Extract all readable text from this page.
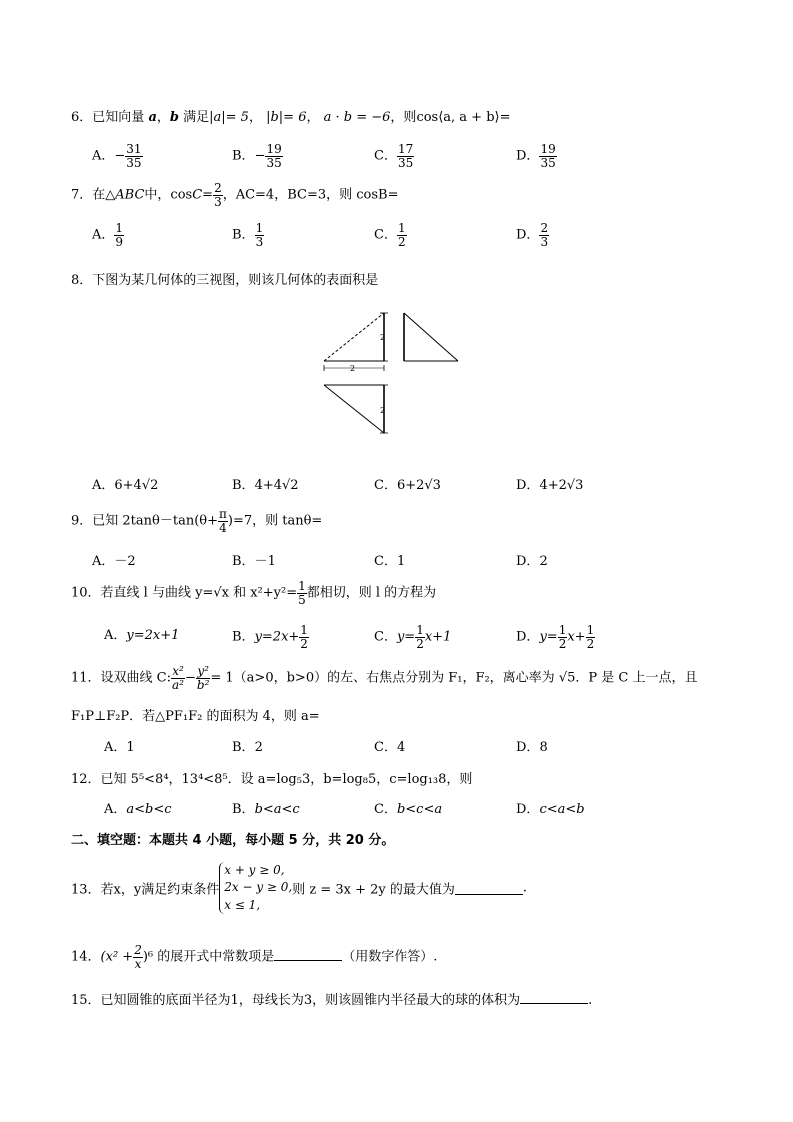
6．已知向量 a，b 满足|a|= 5， |b|= 6， a · b = −6，则cos⟨a, a + b⟩=
A．− $\frac{31}{35}$	B．− $\frac{19}{35}$	C． $\frac{17}{35}$	D． $\frac{19}{35}$
7．在△ABC中，$\cos C= \frac{2}{3}$ ，AC=4，BC=3，则 cosB=
A． $\frac{1}{9}$	B． $\frac{1}{3}$	C． $\frac{1}{2}$	D． $\frac{2}{3}$
8．下图为某几何体的三视图，则该几何体的表面积是
2
2
2
A．6+4√2	B．4+4√2	C．6+2√3	D．4+2√3
9．已知 $2\tan\theta-\tan(\theta+ \frac{\pi}{4} )=7$，则 tanθ=
A．－2	B．－1	C．1	D．2
10．若直线 l 与曲线 y=√x 和 $x^2+y^2= \frac{1}{5}$ 都相切，则 l 的方程为
A．y=2x+1	B．$y=2x+ \frac{1}{2}$	C．$y= \frac{1}{2} x+1$	D．$y= \frac{1}{2} x+ \frac{1}{2}$
11．设双曲线 C: $\frac{\text{x²}}{\text{a²}} - \frac{\text{y²}}{\text{b²}} = 1(a>0$，b>0）的左、右焦点分别为 F₁，F₂，离心率为 √5．P 是 C 上一点，且
F₁P⊥F₂P．若△PF₁F₂ 的面积为 4，则 a=
A．1	B．2	C．4	D．8
12．已知 5⁵<8⁴，13⁴<8⁵．设 a=log₅3，b=log₈5，c=log₁₃8，则
A．a<b<c	B．b<a<c	C．b<c<a	D．c<a<b
二、填空题：本题共 4 小题，每小题 5 分，共 20 分。
13．若x，y满足约束条件
x + y ≥ 0,
2x − y ≥ 0,
x ≤ 1,
则 z = 3x + 2y 的最大值为	.
14．$(x^2 + \frac{2}{x} )^6$ 的展开式中常数项是	（用数字作答）.
15．已知圆锥的底面半径为1，母线长为3，则该圆锥内半径最大的球的体积为	.
